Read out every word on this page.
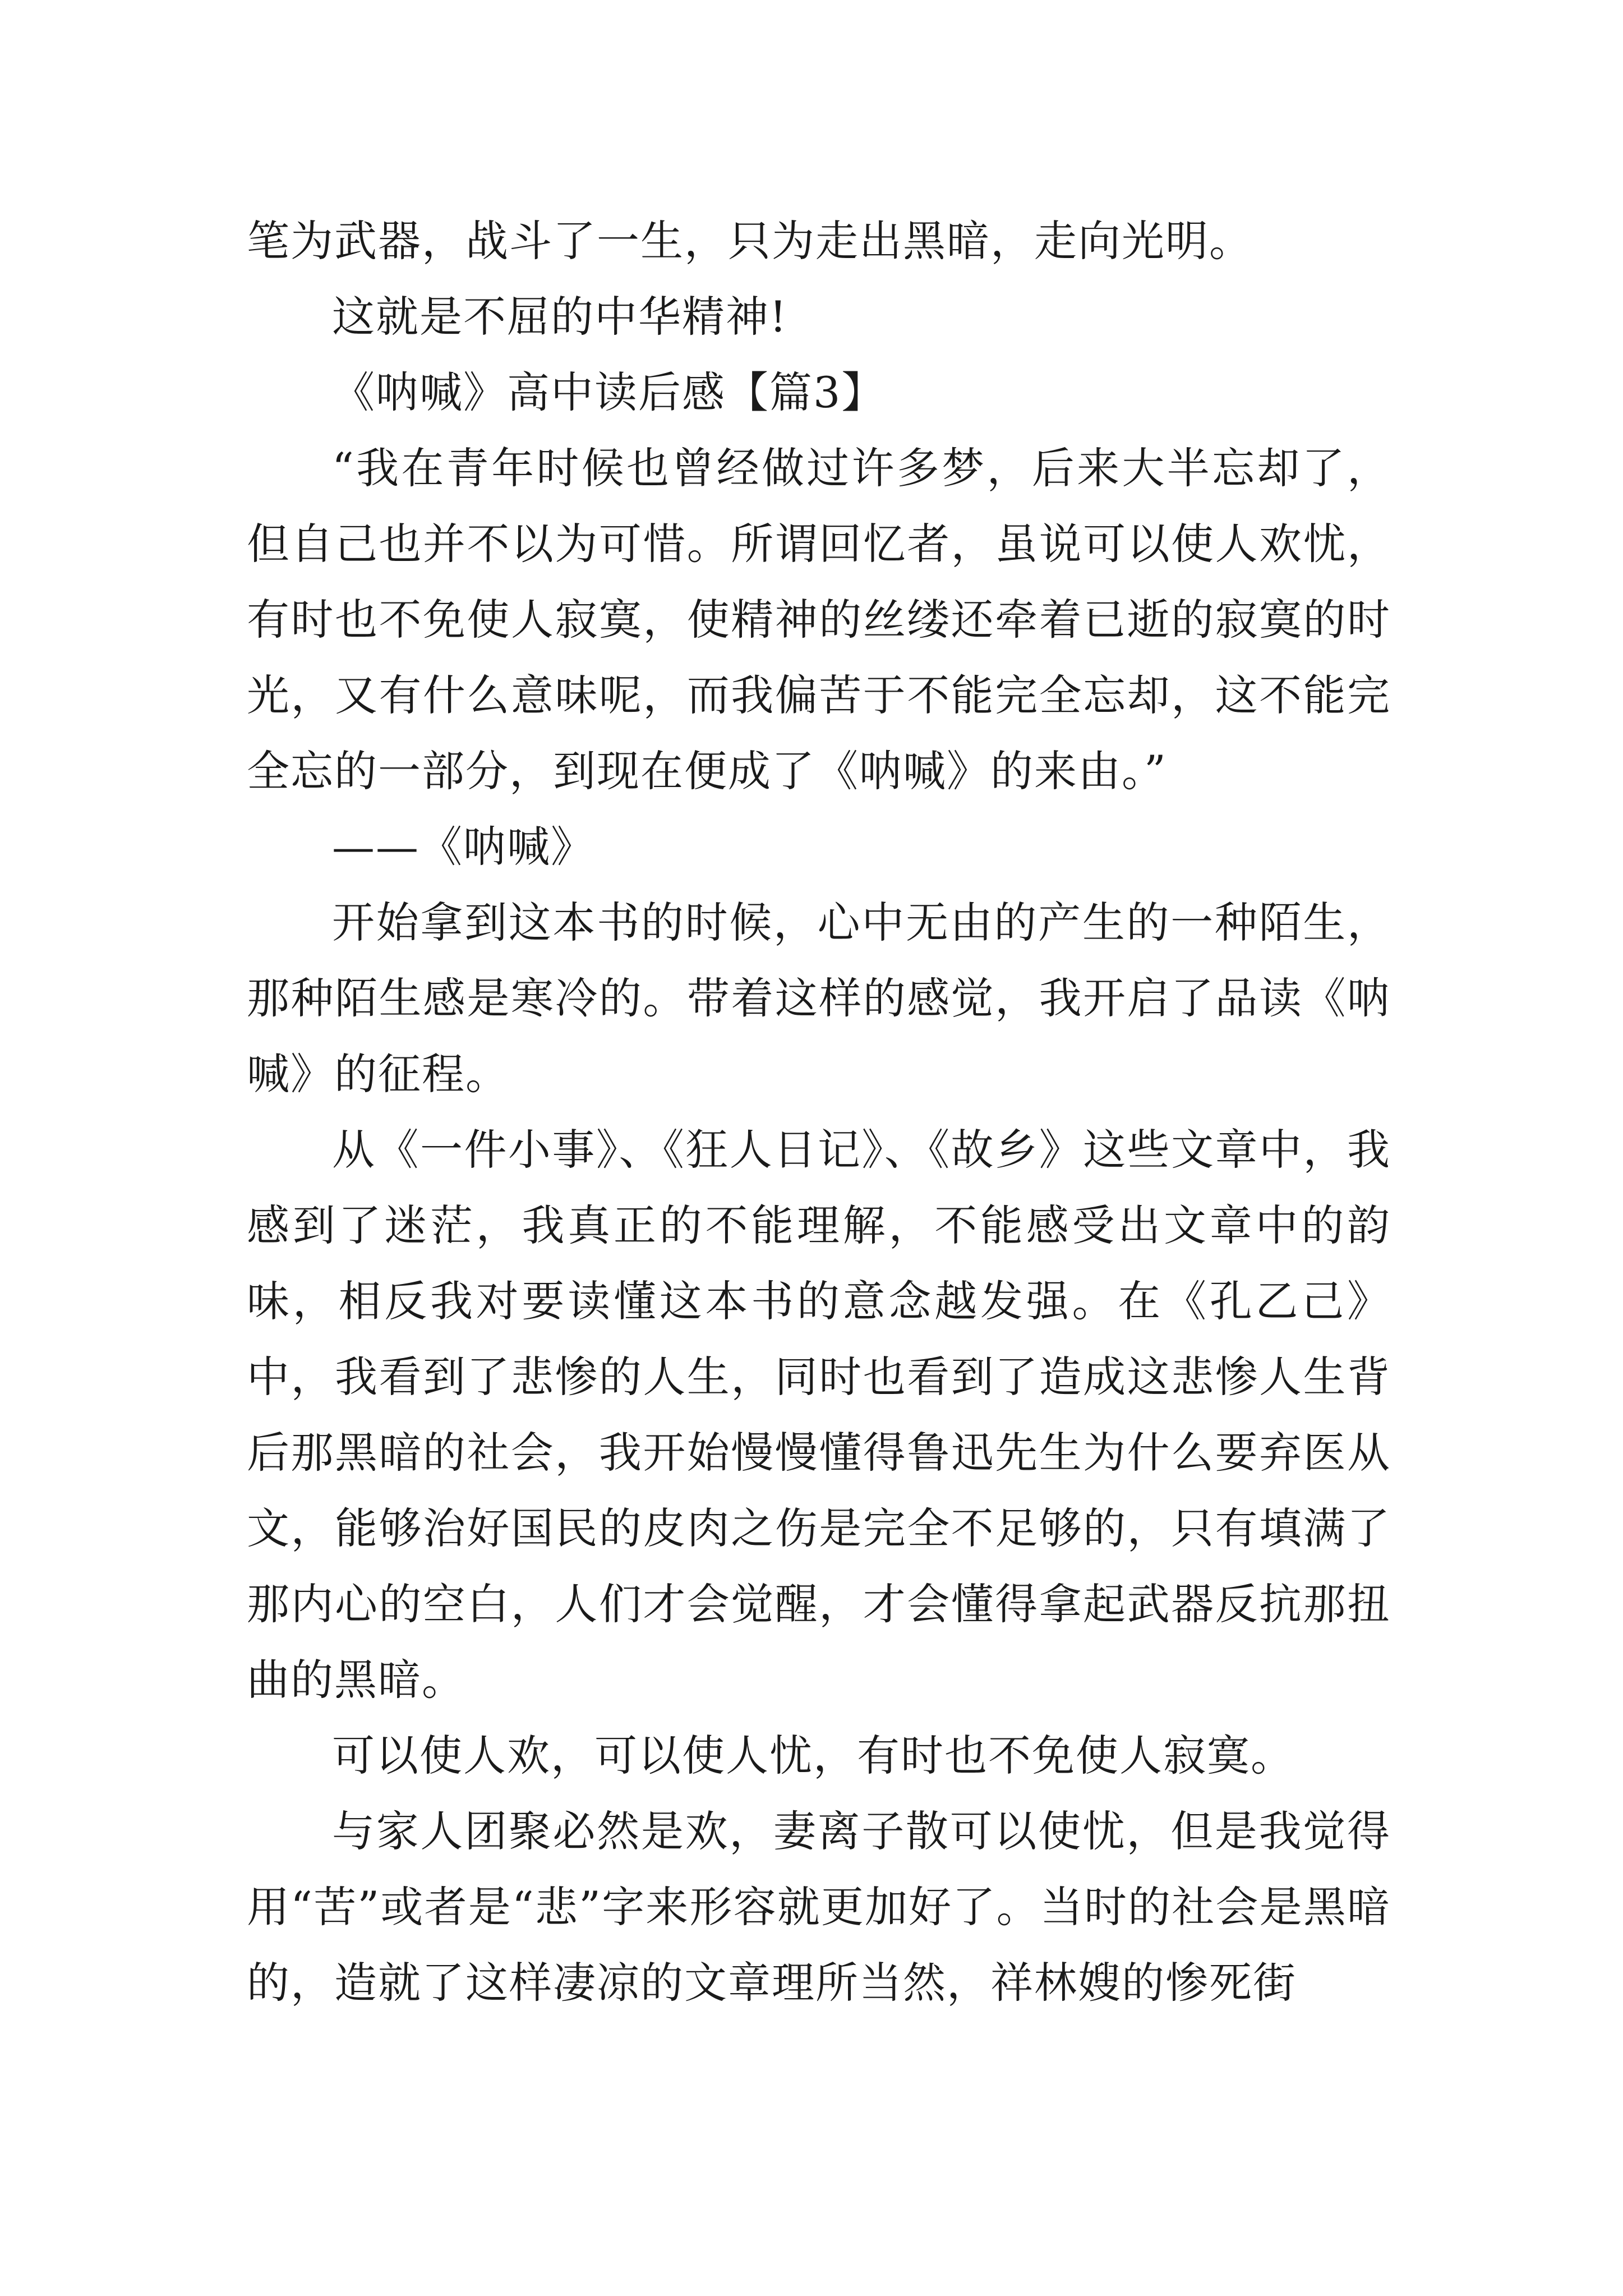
笔为武器，战斗了一生，只为走出黑暗，走向光明。

这就是不屈的中华精神!

《呐喊》高中读后感【篇3】

“我在青年时候也曾经做过许多梦，后来大半忘却了，但自己也并不以为可惜。所谓回忆者，虽说可以使人欢忧，有时也不免使人寂寞，使精神的丝缕还牵着已逝的寂寞的时光，又有什么意味呢，而我偏苦于不能完全忘却，这不能完全忘的一部分，到现在便成了《呐喊》的来由。”

——《呐喊》

开始拿到这本书的时候，心中无由的产生的一种陌生，那种陌生感是寒冷的。带着这样的感觉，我开启了品读《呐喊》的征程。

从《一件小事》、《狂人日记》、《故乡》这些文章中，我感到了迷茫，我真正的不能理解，不能感受出文章中的韵味，相反我对要读懂这本书的意念越发强。在《孔乙己》中，我看到了悲惨的人生，同时也看到了造成这悲惨人生背后那黑暗的社会，我开始慢慢懂得鲁迅先生为什么要弃医从文，能够治好国民的皮肉之伤是完全不足够的，只有填满了那内心的空白，人们才会觉醒，才会懂得拿起武器反抗那扭曲的黑暗。

可以使人欢，可以使人忧，有时也不免使人寂寞。

与家人团聚必然是欢，妻离子散可以使忧，但是我觉得用“苦”或者是“悲”字来形容就更加好了。当时的社会是黑暗的，造就了这样凄凉的文章理所当然，祥林嫂的惨死街
